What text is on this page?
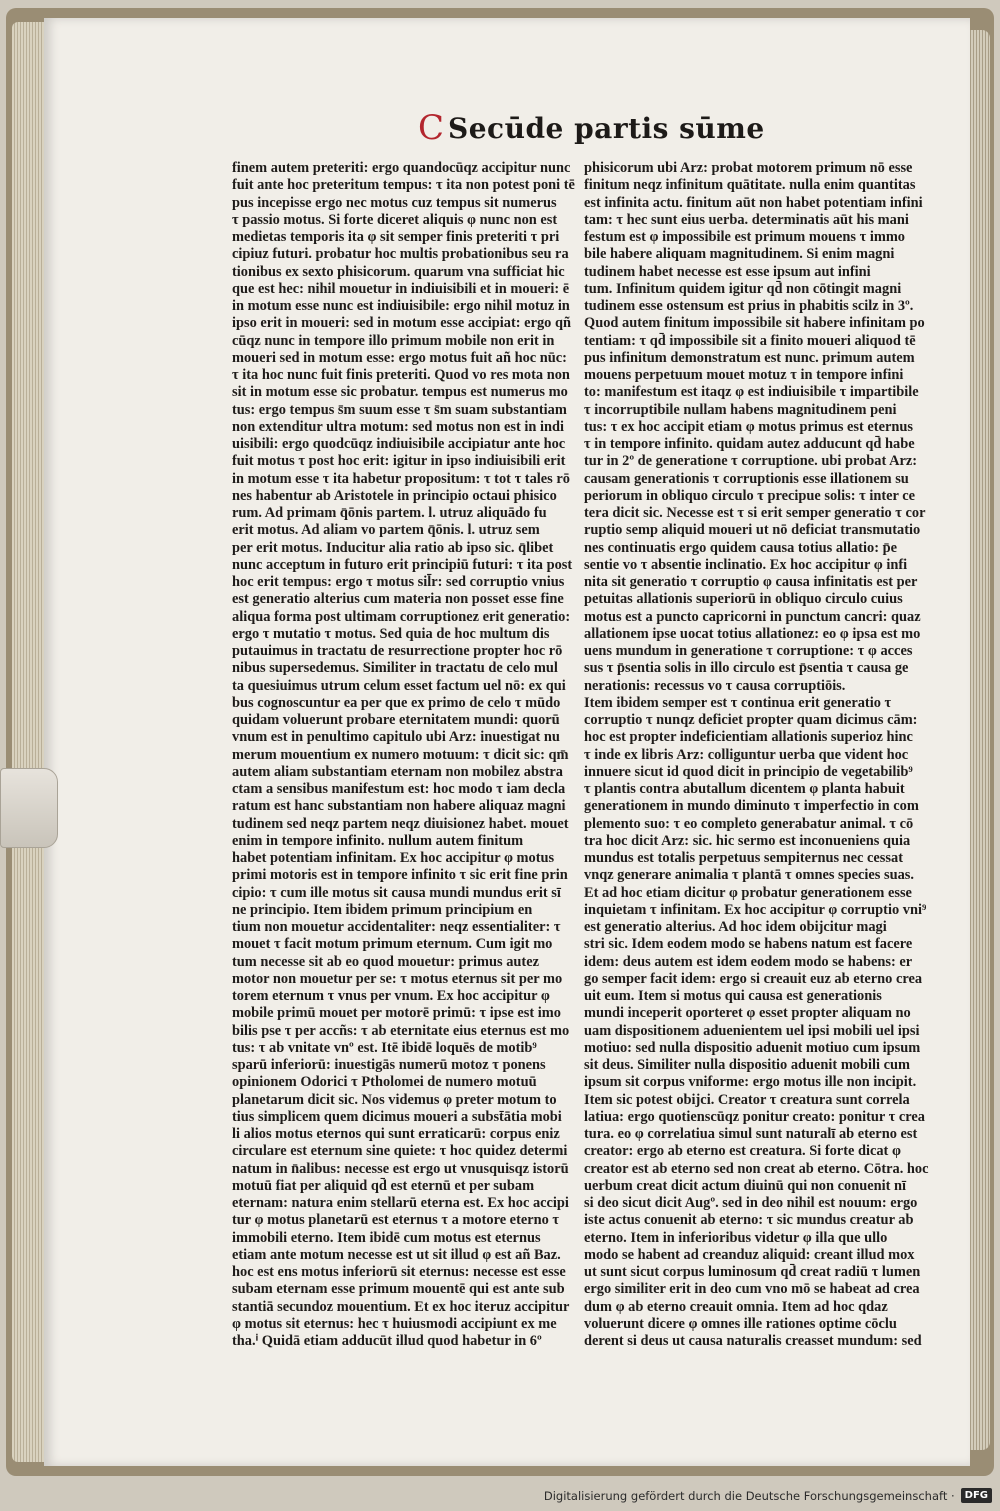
C Secūde partis sūme
finem autem preteriti: ergo quandocūqz accipitur nunc
fuit ante hoc preteritum tempus: τ ita non potest poni tē
pus incepisse ergo nec motus cuz tempus sit numerus
τ passio motus. Si forte diceret aliquis φ nunc non est
medietas temporis ita φ sit semper finis preteriti τ pri
cipiuz futuri. probatur hoc multis probationibus seu ra
tionibus ex sexto phisicorum. quarum vna sufficiat hic
que est hec: nihil mouetur in indiuisibili et in moueri: ē
in motum esse nunc est indiuisibile: ergo nihil motuz in
ipso erit in moueri: sed in motum esse accipiat: ergo qñ
cūqz nunc in tempore illo primum mobile non erit in
moueri sed in motum esse: ergo motus fuit añ hoc nūc:
τ ita hoc nunc fuit finis preteriti. Quod vo res mota non
sit in motum esse sic probatur. tempus est numerus mo
tus: ergo tempus s̄m suum esse τ s̄m suam substantiam
non extenditur ultra motum: sed motus non est in indi
uisibili: ergo quodcūqz indiuisibile accipiatur ante hoc
fuit motus τ post hoc erit: igitur in ipso indiuisibili erit
in motum esse τ ita habetur propositum: τ tot τ tales rō
nes habentur ab Aristotele in principio octaui phisico
rum. Ad primam q̄ōnis partem. l. utruz aliquādo fu
erit motus. Ad aliam vo partem q̄ōnis. l. utruz sem
per erit motus. Inducitur alia ratio ab ipso sic. q̄libet
nunc acceptum in futuro erit principiū futuri: τ ita post
hoc erit tempus: ergo τ motus sil̄r: sed corruptio vnius
est generatio alterius cum materia non posset esse fine
aliqua forma post ultimam corruptionez erit generatio:
ergo τ mutatio τ motus. Sed quia de hoc multum dis
putauimus in tractatu de resurrectione propter hoc rō
nibus supersedemus. Similiter in tractatu de celo mul
ta quesiuimus utrum celum esset factum uel nō: ex qui
bus cognoscuntur ea per que ex primo de celo τ mūdo
quidam voluerunt probare eternitatem mundi: quorū
vnum est in penultimo capitulo ubi Arz: inuestigat nu
merum mouentium ex numero motuum: τ dicit sic: qm̄
autem aliam substantiam eternam non mobilez abstra
ctam a sensibus manifestum est: hoc modo τ iam decla
ratum est hanc substantiam non habere aliquaz magni
tudinem sed neqz partem neqz diuisionez habet. mouet
enim in tempore infinito. nullum autem finitum
habet potentiam infinitam. Ex hoc accipitur φ motus
primi motoris est in tempore infinito τ sic erit fine prin
cipio: τ cum ille motus sit causa mundi mundus erit sī
ne principio. Item ibidem primum principium en
tium non mouetur accidentaliter: neqz essentialiter: τ
mouet τ facit motum primum eternum. Cum igit mo
tum necesse sit ab eo quod mouetur: primus autez
motor non mouetur per se: τ motus eternus sit per mo
torem eternum τ vnus per vnum. Ex hoc accipitur φ
mobile primū mouet per motorē primū: τ ipse est imo
bilis pse τ per accñs: τ ab eternitate eius eternus est mo
tus: τ ab vnitate vnº est. Itē ibidē loquēs de motib⁹
sparū inferiorū: inuestigās numerū motoz τ ponens
opinionem Odorici τ Ptholomei de numero motuū
planetarum dicit sic. Nos videmus φ preter motum to
tius simplicem quem dicimus moueri a subst̄ātia mobi
li alios motus eternos qui sunt erraticarū: corpus eniz
circulare est eternum sine quiete: τ hoc quidez determi
natum in n̄alibus: necesse est ergo ut vnusquisqz istorū
motuū fiat per aliquid qd̄ est eternū et per subam
eternam: natura enim stellarū eterna est. Ex hoc accipi
tur φ motus planetarū est eternus τ a motore eterno τ
immobili eterno. Item ibidē cum motus est eternus
etiam ante motum necesse est ut sit illud φ est añ Baz.
hoc est ens motus inferiorū sit eternus: necesse est esse
subam eternam esse primum mouentē qui est ante sub
stantiā secundoz mouentium. Et ex hoc iteruz accipitur
φ motus sit eternus: hec τ huiusmodi accipiunt ex me
tha.ⁱ Quidā etiam adducūt illud quod habetur in 6º
phisicorum ubi Arz: probat motorem primum nō esse
finitum neqz infinitum quātitate. nulla enim quantitas
est infinita actu. finitum aūt non habet potentiam infini
tam: τ hec sunt eius uerba. determinatis aūt his mani
festum est φ impossibile est primum mouens τ immo
bile habere aliquam magnitudinem. Si enim magni
tudinem habet necesse est esse ipsum aut infini
tum. Infinitum quidem igitur qd̄ non cōtingit magni
tudinem esse ostensum est prius in phabitis scilz in 3º.
Quod autem finitum impossibile sit habere infinitam po
tentiam: τ qd̄ impossibile sit a finito moueri aliquod tē
pus infinitum demonstratum est nunc. primum autem
mouens perpetuum mouet motuz τ in tempore infini
to: manifestum est itaqz φ est indiuisibile τ impartibile
τ incorruptibile nullam habens magnitudinem peni
tus: τ ex hoc accipit etiam φ motus primus est eternus
τ in tempore infinito. quidam autez adducunt qd̄ habe
tur in 2º de generatione τ corruptione. ubi probat Arz:
causam generationis τ corruptionis esse illationem su
periorum in obliquo circulo τ precipue solis: τ inter ce
tera dicit sic. Necesse est τ si erit semper generatio τ cor
ruptio semp aliquid moueri ut nō deficiat transmutatio
nes continuatis ergo quidem causa totius allatio: p̄e
sentie vo τ absentie inclinatio. Ex hoc accipitur φ infi
nita sit generatio τ corruptio φ causa infinitatis est per
petuitas allationis superiorū in obliquo circulo cuius
motus est a puncto capricorni in punctum cancri: quaz
allationem ipse uocat totius allationez: eo φ ipsa est mo
uens mundum in generatione τ corruptione: τ φ acces
sus τ p̄sentia solis in illo circulo est p̄sentia τ causa ge
nerationis: recessus vo τ causa corruptiōis.
Item ibidem semper est τ continua erit generatio τ
corruptio τ nunqz deficiet propter quam dicimus cām:
hoc est propter indeficientiam allationis superioz hinc
τ inde ex libris Arz: colliguntur uerba que vident hoc
innuere sicut id quod dicit in principio de vegetabilib⁹
τ plantis contra abutallum dicentem φ planta habuit
generationem in mundo diminuto τ imperfectio in com
plemento suo: τ eo completo generabatur animal. τ cō
tra hoc dicit Arz: sic. hic sermo est inconueniens quia
mundus est totalis perpetuus sempiternus nec cessat
vnqz generare animalia τ plantā τ omnes species suas.
Et ad hoc etiam dicitur φ probatur generationem esse
inquietam τ infinitam. Ex hoc accipitur φ corruptio vni⁹
est generatio alterius. Ad hoc idem obijcitur magi
stri sic. Idem eodem modo se habens natum est facere
idem: deus autem est idem eodem modo se habens: er
go semper facit idem: ergo si creauit euz ab eterno crea
uit eum. Item si motus qui causa est generationis
mundi inceperit oporteret φ esset propter aliquam no
uam dispositionem aduenientem uel ipsi mobili uel ipsi
motiuo: sed nulla dispositio aduenit motiuo cum ipsum
sit deus. Similiter nulla dispositio aduenit mobili cum
ipsum sit corpus vniforme: ergo motus ille non incipit.
Item sic potest obijci. Creator τ creatura sunt correla
latiua: ergo quotienscūqz ponitur creato: ponitur τ crea
tura. eo φ correlatiua simul sunt naturalī ab eterno est
creator: ergo ab eterno est creatura. Si forte dicat φ
creator est ab eterno sed non creat ab eterno. Cōtra. hoc
uerbum creat dicit actum diuinū qui non conuenit nī
si deo sicut dicit Augº. sed in deo nihil est nouum: ergo
iste actus conuenit ab eterno: τ sic mundus creatur ab
eterno. Item in inferioribus videtur φ illa que ullo
modo se habent ad creanduz aliquid: creant illud mox
ut sunt sicut corpus luminosum qd̄ creat radiū τ lumen
ergo similiter erit in deo cum vno mō se habeat ad crea
dum φ ab eterno creauit omnia. Item ad hoc qdaz
voluerunt dicere φ omnes ille rationes optime cōclu
derent si deus ut causa naturalis creasset mundum: sed
Digitalisierung gefördert durch die Deutsche Forschungsgemeinschaft ·	DFG
